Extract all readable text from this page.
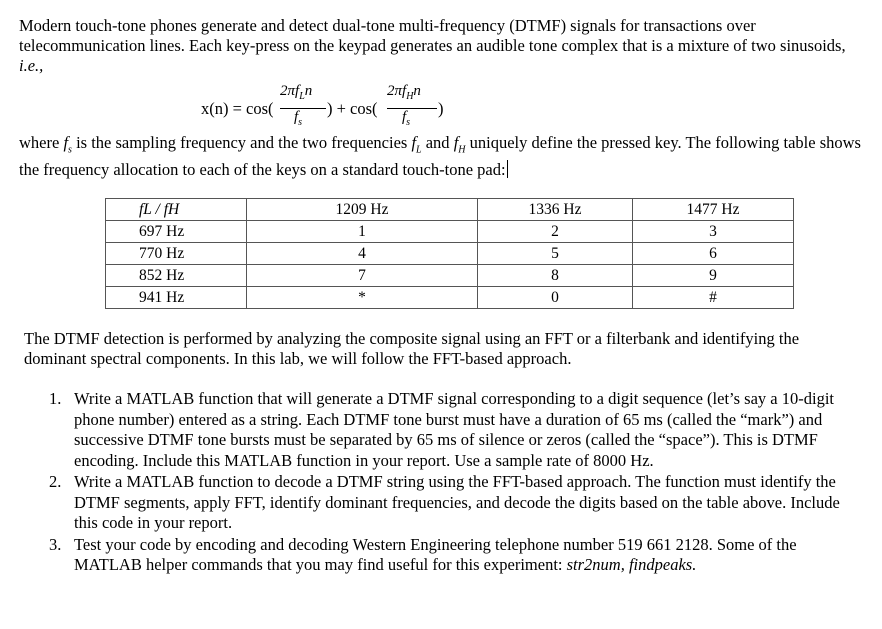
Modern touch-tone phones generate and detect dual-tone multi-frequency (DTMF) signals for transactions over telecommunication lines. Each key-press on the keypad generates an audible tone complex that is a mixture of two sinusoids, i.e.,
x(n) = cos(
$2\pi f_Ln$
$f_s$
) + cos(
$2\pi f_Hn$
$f_s$
)
where $f_s$ is the sampling frequency and the two frequencies $f_L$ and $f_H$ uniquely define the pressed key. The following table shows the frequency allocation to each of the keys on a standard touch-tone pad:
fL / fH	1209 Hz	1336 Hz	1477 Hz
697 Hz	1	2	3
770 Hz	4	5	6
852 Hz	7	8	9
941 Hz	*	0	#
The DTMF detection is performed by analyzing the composite signal using an FFT or a filterbank and identifying the dominant spectral components. In this lab, we will follow the FFT-based approach.
1. Write a MATLAB function that will generate a DTMF signal corresponding to a digit sequence (let’s say a 10-digit phone number) entered as a string. Each DTMF tone burst must have a duration of 65 ms (called the “mark”) and successive DTMF tone bursts must be separated by 65 ms of silence or zeros (called the “space”). This is DTMF encoding. Include this MATLAB function in your report. Use a sample rate of 8000 Hz.
2. Write a MATLAB function to decode a DTMF string using the FFT-based approach. The function must identify the DTMF segments, apply FFT, identify dominant frequencies, and decode the digits based on the table above. Include this code in your report.
3. Test your code by encoding and decoding Western Engineering telephone number 519 661 2128. Some of the MATLAB helper commands that you may find useful for this experiment: str2num, findpeaks.
